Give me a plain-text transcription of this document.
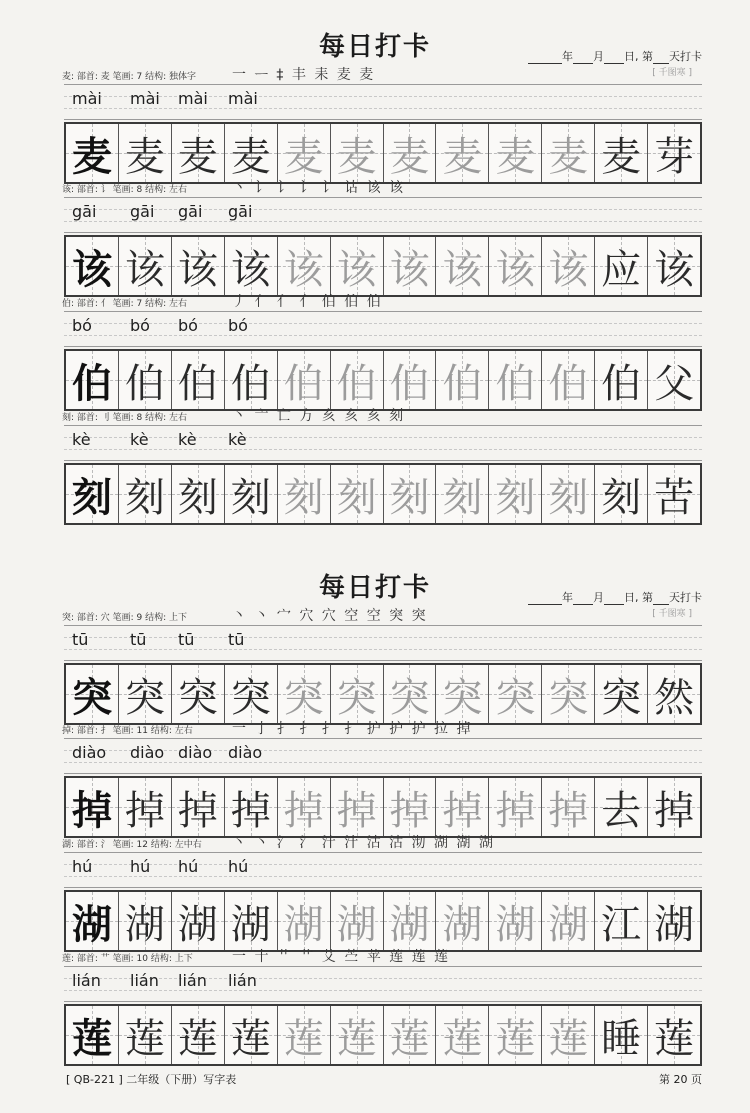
每日打卡	年 月 日, 第 天打卡
[ 千图寒 ]
麦: 部首: 麦 笔画: 7 结构: 独体字	一 ᅳ ‡ 丰 耒 麦 麦
mài mài mài mài
麦 麦 麦 麦 麦 麦 麦 麦 麦 麦 麦 芽
该: 部首: 讠 笔画: 8 结构: 左右	丶 讠 讠 讠 讠 诂 该 该
gāi gāi gāi gāi
该 该 该 该 该 该 该 该 该 该 应 该
伯: 部首: 亻 笔画: 7 结构: 左右	丿 亻 亻 亻 伯 伯 伯
bó bó bó bó
伯 伯 伯 伯 伯 伯 伯 伯 伯 伯 伯 父
刻: 部首: 刂 笔画: 8 结构: 左右	丶 亠 亡 方 亥 亥 亥 刻
kè kè kè kè
刻 刻 刻 刻 刻 刻 刻 刻 刻 刻 刻 苦
每日打卡	年 月 日, 第 天打卡
[ 千图寒 ]
突: 部首: 穴 笔画: 9 结构: 上下	丶 丶 宀 穴 穴 空 空 突 突
tū	tū tū tū
突 突 突 突 突 突 突 突 突 突 突 然
掉: 部首: 扌 笔画: 11 结构: 左右	一 亅 扌 扌 扌 扌 护 护 护 拉 掉
diào diào diào diào
掉 掉 掉 掉 掉 掉 掉 掉 掉 掉 去 掉
湖: 部首: 氵 笔画: 12 结构: 左中右 丶 丶 氵 氵 汁 汁 沽 沽 沏 湖 湖 湖
hú hú hú hú
湖 湖 湖 湖 湖 湖 湖 湖 湖 湖 江 湖
莲: 部首: 艹 笔画: 10 结构: 上下	一 十 艹 艹 艾 苎 苹 莲 莲 莲
lián lián lián lián
莲 莲 莲 莲 莲 莲 莲 莲 莲 莲 睡 莲
[ QB-221 ] 二年级（下册）写字表	第 20 页
